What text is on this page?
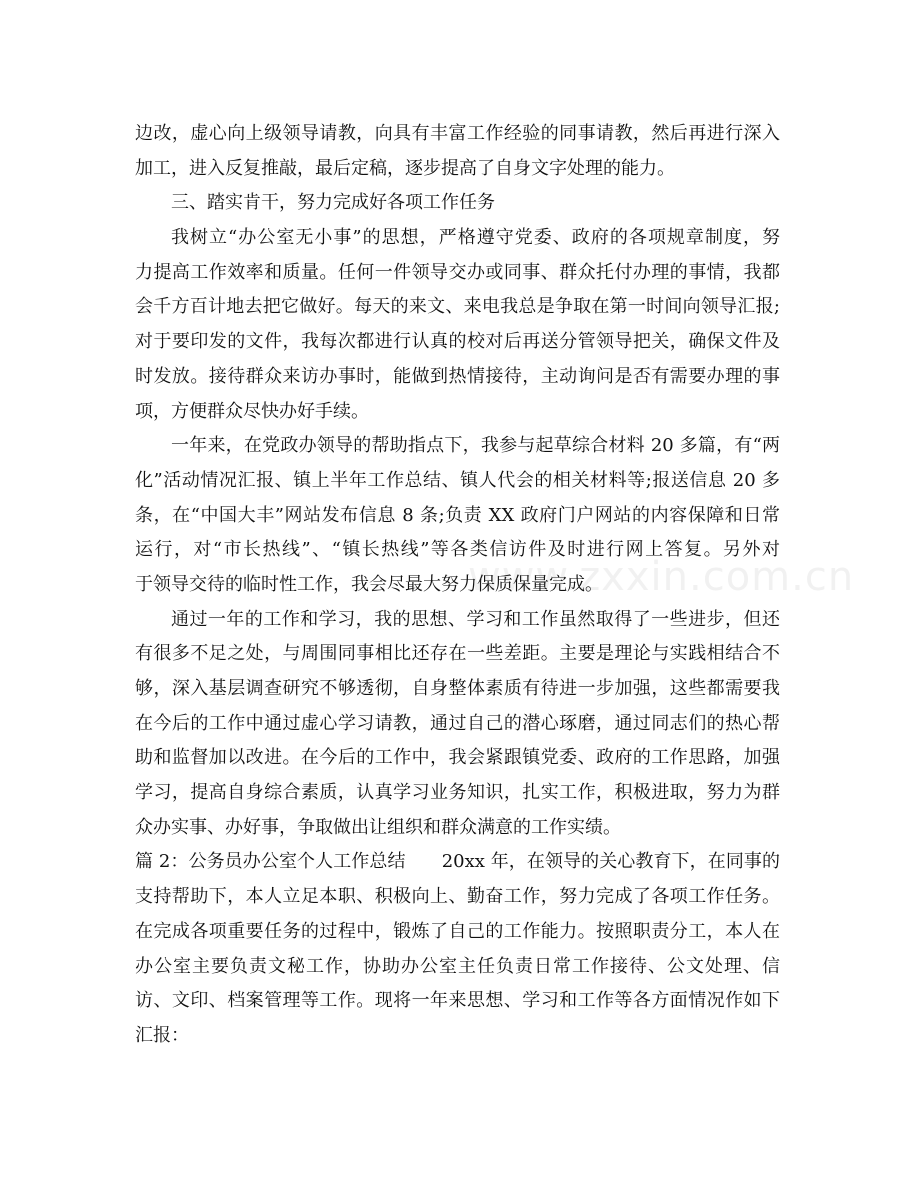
边改，虚心向上级领导请教，向具有丰富工作经验的同事请教，然后再进行深入
加工，进入反复推敲，最后定稿，逐步提高了自身文字处理的能力。
三、踏实肯干，努力完成好各项工作任务
我树立“办公室无小事”的思想，严格遵守党委、政府的各项规章制度，努
力提高工作效率和质量。任何一件领导交办或同事、群众托付办理的事情，我都
会千方百计地去把它做好。每天的来文、来电我总是争取在第一时间向领导汇报;
对于要印发的文件，我每次都进行认真的校对后再送分管领导把关，确保文件及
时发放。接待群众来访办事时，能做到热情接待，主动询问是否有需要办理的事
项，方便群众尽快办好手续。
一年来，在党政办领导的帮助指点下，我参与起草综合材料 20 多篇，有“两
化”活动情况汇报、镇上半年工作总结、镇人代会的相关材料等;报送信息 20 多
条，在“中国大丰”网站发布信息 8 条;负责 XX 政府门户网站的内容保障和日常
运行，对“市长热线”、“镇长热线”等各类信访件及时进行网上答复。另外对
于领导交待的临时性工作，我会尽最大努力保质保量完成。
通过一年的工作和学习，我的思想、学习和工作虽然取得了一些进步，但还
有很多不足之处，与周围同事相比还存在一些差距。主要是理论与实践相结合不
够，深入基层调查研究不够透彻，自身整体素质有待进一步加强，这些都需要我
在今后的工作中通过虚心学习请教，通过自己的潜心琢磨，通过同志们的热心帮
助和监督加以改进。在今后的工作中，我会紧跟镇党委、政府的工作思路，加强
学习，提高自身综合素质，认真学习业务知识，扎实工作，积极进取，努力为群
众办实事、办好事，争取做出让组织和群众满意的工作实绩。
篇 2：公务员办公室个人工作总结　　20xx 年，在领导的关心教育下，在同事的
支持帮助下，本人立足本职、积极向上、勤奋工作，努力完成了各项工作任务。
在完成各项重要任务的过程中，锻炼了自己的工作能力。按照职责分工，本人在
办公室主要负责文秘工作，协助办公室主任负责日常工作接待、公文处理、信
访、文印、档案管理等工作。现将一年来思想、学习和工作等各方面情况作如下
汇报：
www.zxxin.com.cn
